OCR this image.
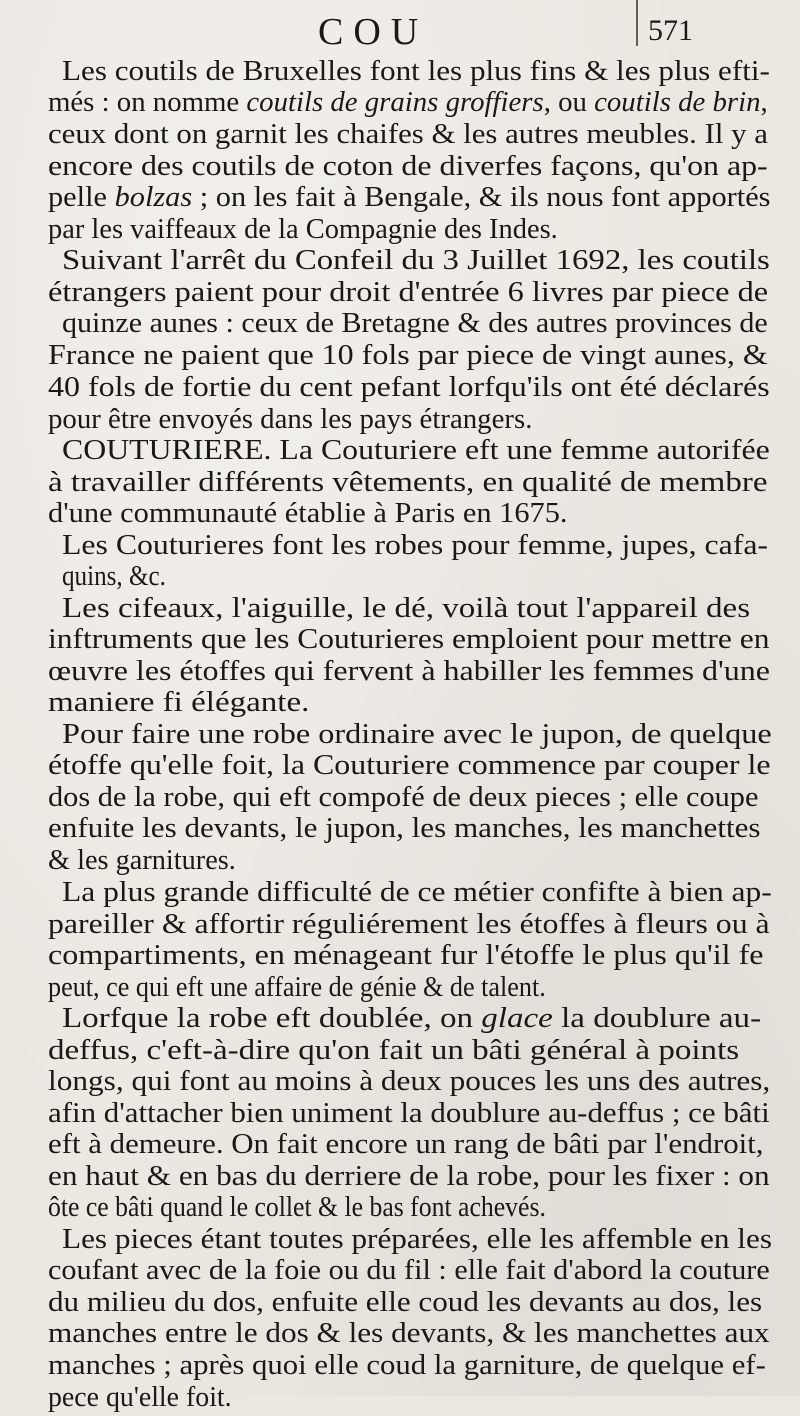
COU	571
Les coutils de Bruxelles font les plus fins & les plus efti-
més : on nomme coutils de grains groffiers, ou coutils de brin,
ceux dont on garnit les chaifes & les autres meubles. Il y a
encore des coutils de coton de diverfes façons, qu'on ap-
pelle bolzas ; on les fait à Bengale, & ils nous font apportés
par les vaiffeaux de la Compagnie des Indes.
Suivant l'arrêt du Confeil du 3 Juillet 1692, les coutils
étrangers paient pour droit d'entrée 6 livres par piece de
quinze aunes : ceux de Bretagne & des autres provinces de
France ne paient que 10 fols par piece de vingt aunes, &
40 fols de fortie du cent pefant lorfqu'ils ont été déclarés
pour être envoyés dans les pays étrangers.
COUTURIERE. La Couturiere eft une femme autorifée
à travailler différents vêtements, en qualité de membre
d'une communauté établie à Paris en 1675.
Les Couturieres font les robes pour femme, jupes, cafa-
quins, &c.
Les cifeaux, l'aiguille, le dé, voilà tout l'appareil des
inftruments que les Couturieres emploient pour mettre en
œuvre les étoffes qui fervent à habiller les femmes d'une
maniere fi élégante.
Pour faire une robe ordinaire avec le jupon, de quelque
étoffe qu'elle foit, la Couturiere commence par couper le
dos de la robe, qui eft compofé de deux pieces ; elle coupe
enfuite les devants, le jupon, les manches, les manchettes
& les garnitures.
La plus grande difficulté de ce métier confifte à bien ap-
pareiller & affortir réguliérement les étoffes à fleurs ou à
compartiments, en ménageant fur l'étoffe le plus qu'il fe
peut, ce qui eft une affaire de génie & de talent.
Lorfque la robe eft doublée, on glace la doublure au-
deffus, c'eft-à-dire qu'on fait un bâti général à points
longs, qui font au moins à deux pouces les uns des autres,
afin d'attacher bien uniment la doublure au-deffus ; ce bâti
eft à demeure. On fait encore un rang de bâti par l'endroit,
en haut & en bas du derriere de la robe, pour les fixer : on
ôte ce bâti quand le collet & le bas font achevés.
Les pieces étant toutes préparées, elle les affemble en les
coufant avec de la foie ou du fil : elle fait d'abord la couture
du milieu du dos, enfuite elle coud les devants au dos, les
manches entre le dos & les devants, & les manchettes aux
manches ; après quoi elle coud la garniture, de quelque ef-
pece qu'elle foit.
